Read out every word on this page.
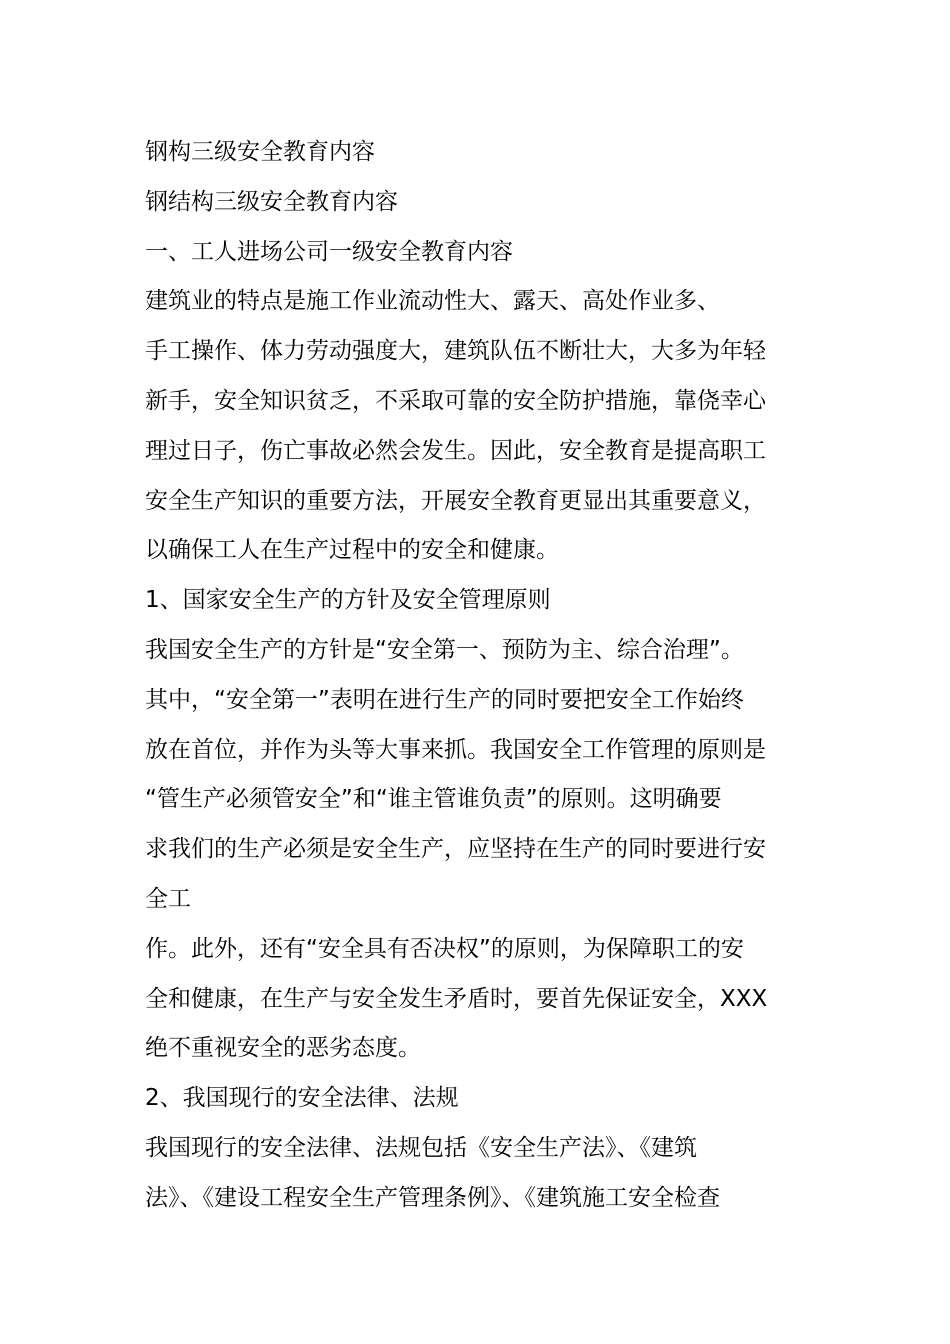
钢构三级安全教育内容
钢结构三级安全教育内容
一、工人进场公司一级安全教育内容
建筑业的特点是施工作业流动性大、露天、高处作业多、
手工操作、体力劳动强度大，建筑队伍不断壮大，大多为年轻
新手，安全知识贫乏，不采取可靠的安全防护措施，靠侥幸心
理过日子，伤亡事故必然会发生。因此，安全教育是提高职工
安全生产知识的重要方法，开展安全教育更显出其重要意义，
以确保工人在生产过程中的安全和健康。
1、国家安全生产的方针及安全管理原则
我国安全生产的方针是“安全第一、预防为主、综合治理”。
其中，“安全第一”表明在进行生产的同时要把安全工作始终
放在首位，并作为头等大事来抓。我国安全工作管理的原则是
“管生产必须管安全”和“谁主管谁负责”的原则。这明确要
求我们的生产必须是安全生产，应坚持在生产的同时要进行安
全工
作。此外，还有“安全具有否决权”的原则，为保障职工的安
全和健康，在生产与安全发生矛盾时，要首先保证安全，XXX
绝不重视安全的恶劣态度。
2、我国现行的安全法律、法规
我国现行的安全法律、法规包括《安全生产法》、《建筑
法》、《建设工程安全生产管理条例》、《建筑施工安全检查
